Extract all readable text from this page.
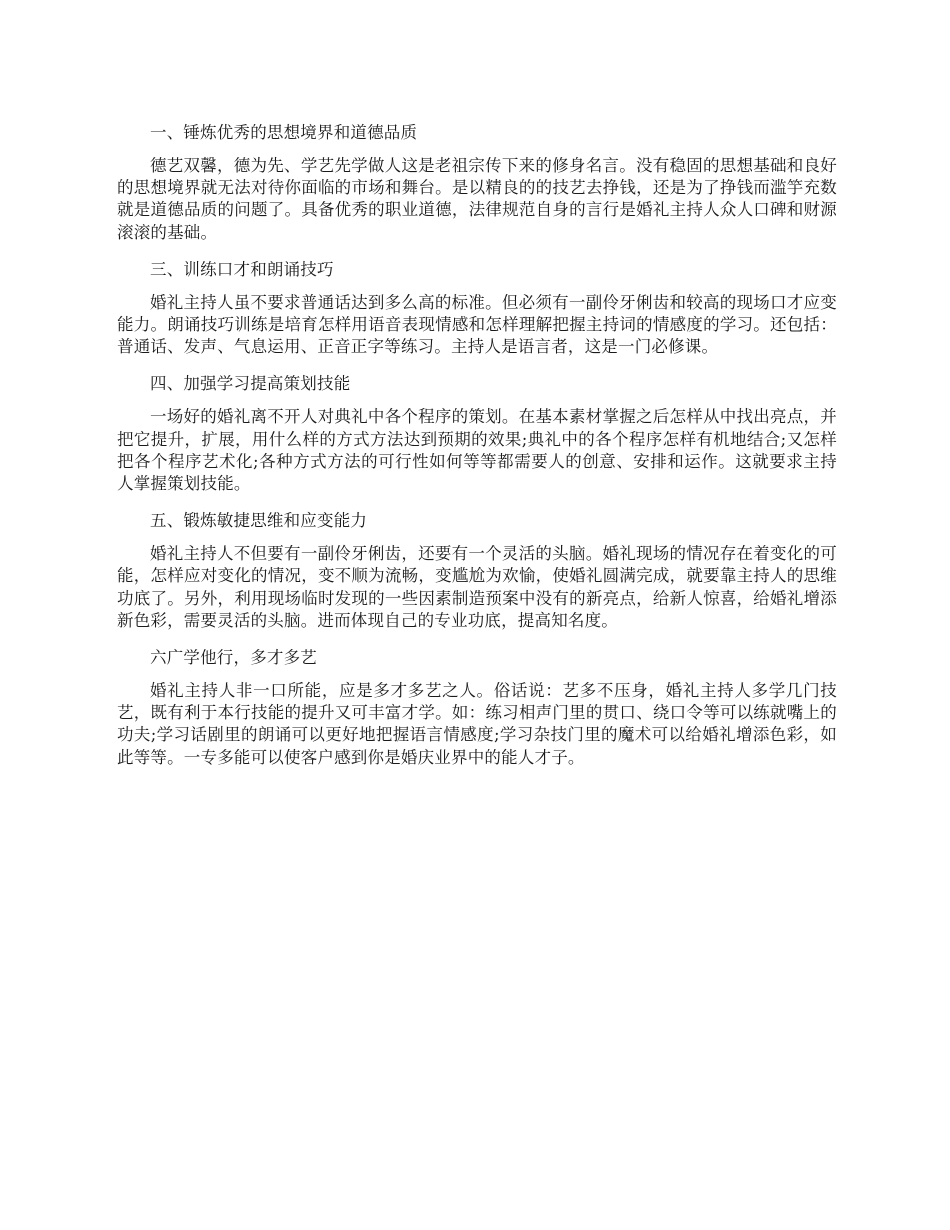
一、锤炼优秀的思想境界和道德品质

德艺双馨，德为先、学艺先学做人这是老祖宗传下来的修身名言。没有稳固的思想基础和良好的思想境界就无法对待你面临的市场和舞台。是以精良的的技艺去挣钱，还是为了挣钱而滥竽充数就是道德品质的问题了。具备优秀的职业道德，法律规范自身的言行是婚礼主持人众人口碑和财源滚滚的基础。

三、训练口才和朗诵技巧

婚礼主持人虽不要求普通话达到多么高的标准。但必须有一副伶牙俐齿和较高的现场口才应变能力。朗诵技巧训练是培育怎样用语音表现情感和怎样理解把握主持词的情感度的学习。还包括：普通话、发声、气息运用、正音正字等练习。主持人是语言者，这是一门必修课。

四、加强学习提高策划技能

一场好的婚礼离不开人对典礼中各个程序的策划。在基本素材掌握之后怎样从中找出亮点，并把它提升，扩展，用什么样的方式方法达到预期的效果;典礼中的各个程序怎样有机地结合;又怎样把各个程序艺术化;各种方式方法的可行性如何等等都需要人的创意、安排和运作。这就要求主持人掌握策划技能。

五、锻炼敏捷思维和应变能力

婚礼主持人不但要有一副伶牙俐齿，还要有一个灵活的头脑。婚礼现场的情况存在着变化的可能，怎样应对变化的情况，变不顺为流畅，变尴尬为欢愉，使婚礼圆满完成，就要靠主持人的思维功底了。另外，利用现场临时发现的一些因素制造预案中没有的新亮点，给新人惊喜，给婚礼增添新色彩，需要灵活的头脑。进而体现自己的专业功底，提高知名度。

六广学他行，多才多艺

婚礼主持人非一口所能，应是多才多艺之人。俗话说：艺多不压身，婚礼主持人多学几门技艺，既有利于本行技能的提升又可丰富才学。如：练习相声门里的贯口、绕口令等可以练就嘴上的功夫;学习话剧里的朗诵可以更好地把握语言情感度;学习杂技门里的魔术可以给婚礼增添色彩，如此等等。一专多能可以使客户感到你是婚庆业界中的能人才子。
